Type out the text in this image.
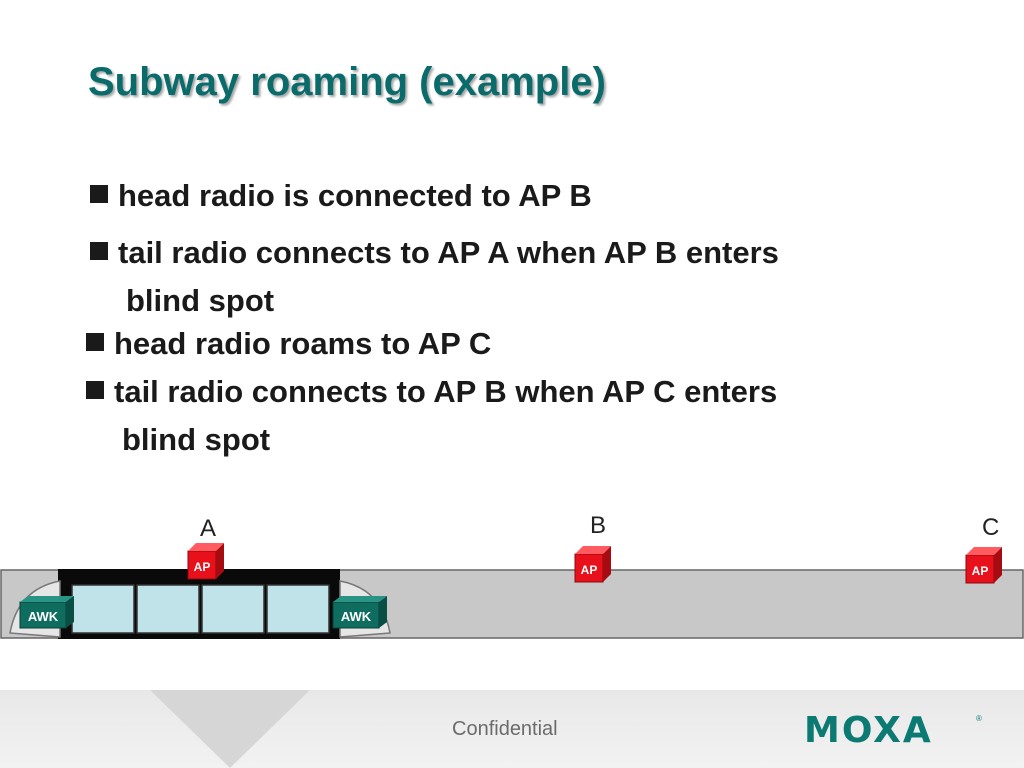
Subway roaming (example)
head radio is connected to AP B
tail radio connects to AP A when AP B enters
blind spot
head radio roams to AP C
tail radio connects to AP B when AP C enters
blind spot
AWK	AWK
AP	AP	AP
A	B	C
Confidential	MOXA	®
